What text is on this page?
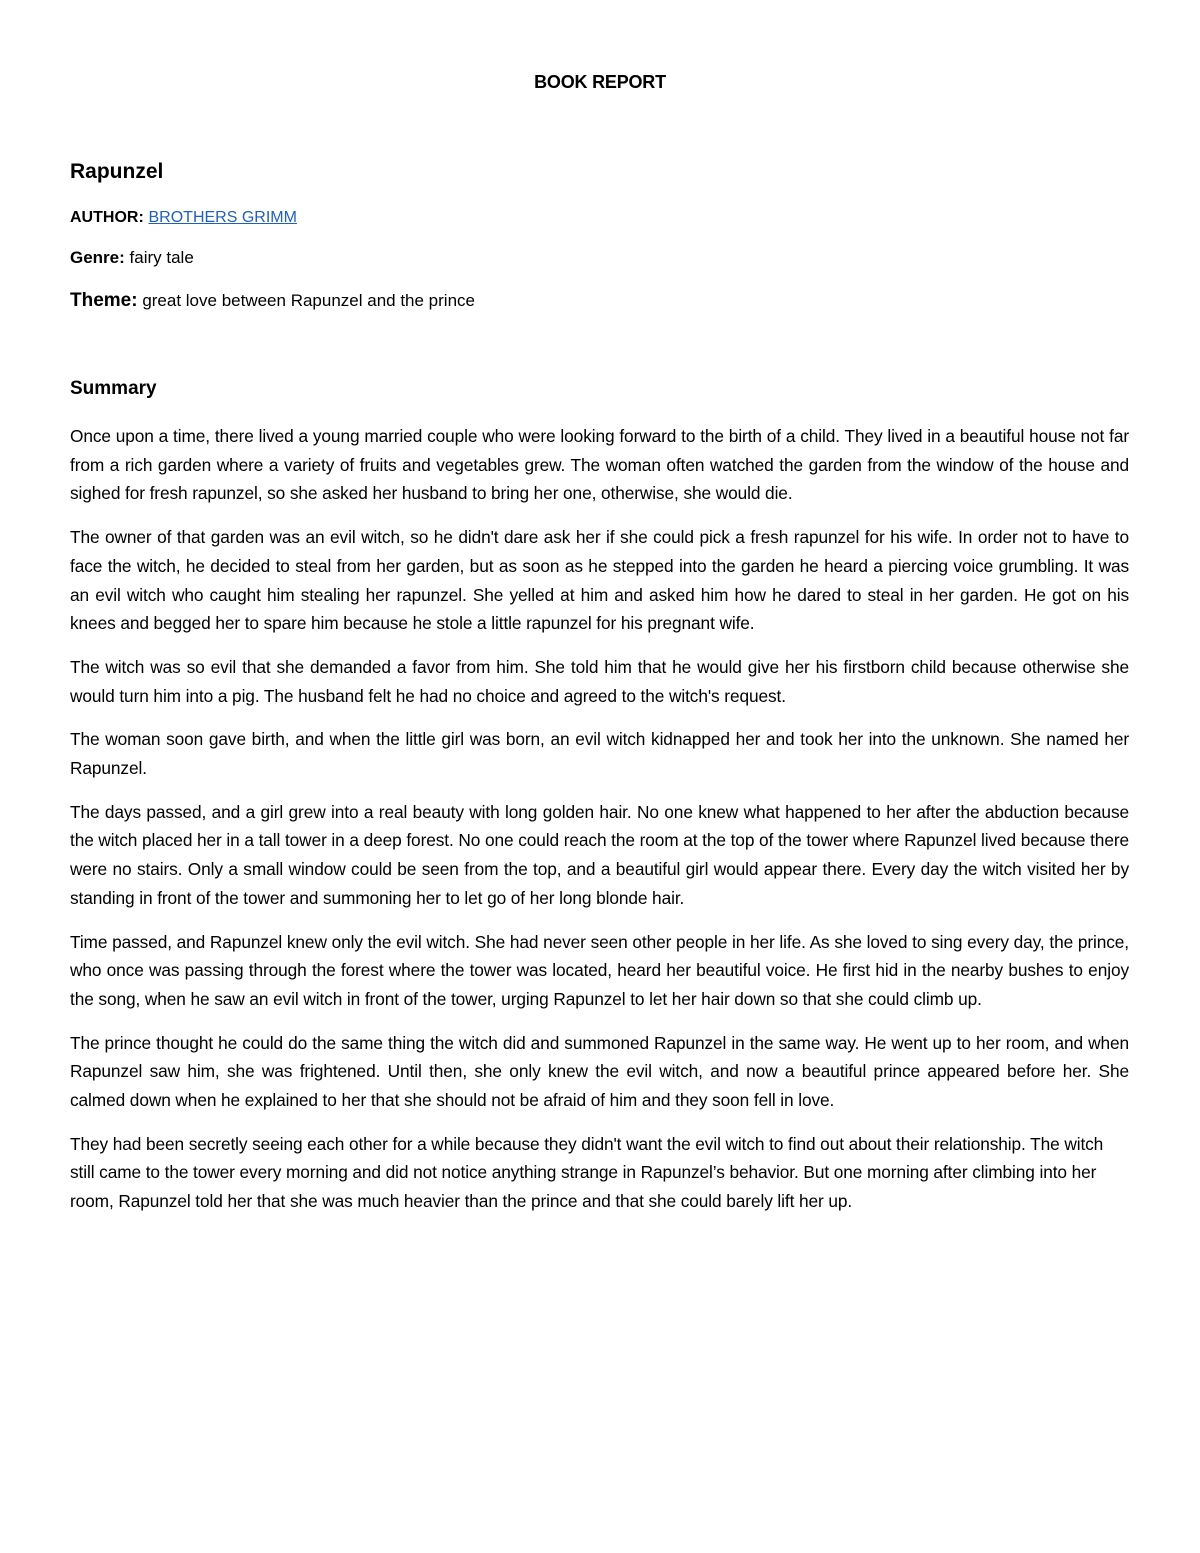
BOOK REPORT
Rapunzel
AUTHOR: BROTHERS GRIMM
Genre: fairy tale
Theme: great love between Rapunzel and the prince
Summary

Once upon a time, there lived a young married couple who were looking forward to the birth of a child. They lived in a beautiful house not far from a rich garden where a variety of fruits and vegetables grew. The woman often watched the garden from the window of the house and sighed for fresh rapunzel, so she asked her husband to bring her one, otherwise, she would die.

The owner of that garden was an evil witch, so he didn't dare ask her if she could pick a fresh rapunzel for his wife. In order not to have to face the witch, he decided to steal from her garden, but as soon as he stepped into the garden he heard a piercing voice grumbling. It was an evil witch who caught him stealing her rapunzel. She yelled at him and asked him how he dared to steal in her garden. He got on his knees and begged her to spare him because he stole a little rapunzel for his pregnant wife.

The witch was so evil that she demanded a favor from him. She told him that he would give her his firstborn child because otherwise she would turn him into a pig. The husband felt he had no choice and agreed to the witch's request.

The woman soon gave birth, and when the little girl was born, an evil witch kidnapped her and took her into the unknown. She named her Rapunzel.

The days passed, and a girl grew into a real beauty with long golden hair. No one knew what happened to her after the abduction because the witch placed her in a tall tower in a deep forest. No one could reach the room at the top of the tower where Rapunzel lived because there were no stairs. Only a small window could be seen from the top, and a beautiful girl would appear there. Every day the witch visited her by standing in front of the tower and summoning her to let go of her long blonde hair.

Time passed, and Rapunzel knew only the evil witch. She had never seen other people in her life. As she loved to sing every day, the prince, who once was passing through the forest where the tower was located, heard her beautiful voice. He first hid in the nearby bushes to enjoy the song, when he saw an evil witch in front of the tower, urging Rapunzel to let her hair down so that she could climb up.

The prince thought he could do the same thing the witch did and summoned Rapunzel in the same way. He went up to her room, and when Rapunzel saw him, she was frightened. Until then, she only knew the evil witch, and now a beautiful prince appeared before her. She calmed down when he explained to her that she should not be afraid of him and they soon fell in love.

They had been secretly seeing each other for a while because they didn't want the evil witch to find out about their relationship. The witch still came to the tower every morning and did not notice anything strange in Rapunzel’s behavior. But one morning after climbing into her room, Rapunzel told her that she was much heavier than the prince and that she could barely lift her up.
